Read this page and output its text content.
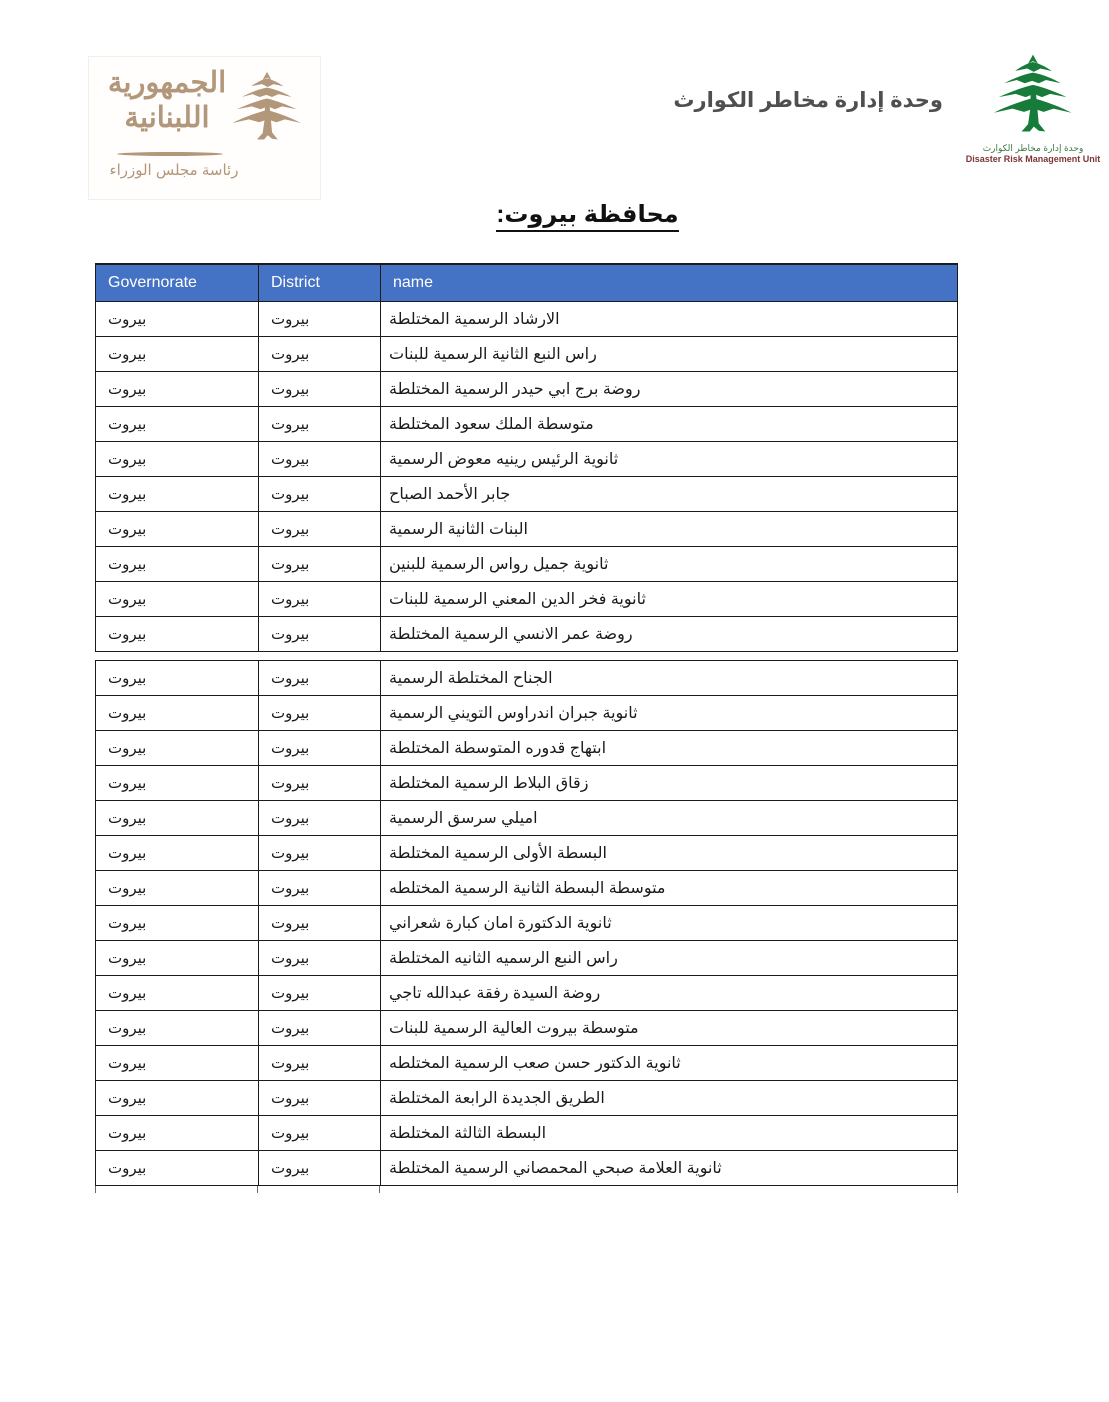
الجمهورية
اللبنانية
رئاسة مجلس الوزراء
وحدة إدارة مخاطر الكوارث
وحدة إدارة مخاطر الكوارث
Disaster Risk Management Unit
محافظة بيروت:
Governorate	District	name
بيروت	بيروت	الارشاد الرسمية المختلطة
بيروت	بيروت	راس النبع الثانية الرسمية للبنات
بيروت	بيروت	روضة برج ابي حيدر الرسمية المختلطة
بيروت	بيروت	متوسطة الملك سعود المختلطة
بيروت	بيروت	ثانوية الرئيس رينيه معوض الرسمية
بيروت	بيروت	جابر الأحمد الصباح
بيروت	بيروت	البنات الثانية الرسمية
بيروت	بيروت	ثانوية جميل رواس الرسمية للبنين
بيروت	بيروت	ثانوية فخر الدين المعني الرسمية للبنات
بيروت	بيروت	روضة عمر الانسي الرسمية المختلطة
بيروت	بيروت	الجناح المختلطة الرسمية
بيروت	بيروت	ثانوية جبران اندراوس التويني الرسمية
بيروت	بيروت	ابتهاج قدوره المتوسطة المختلطة
بيروت	بيروت	زقاق البلاط الرسمية المختلطة
بيروت	بيروت	اميلي سرسق الرسمية
بيروت	بيروت	البسطة الأولى الرسمية المختلطة
بيروت	بيروت	متوسطة البسطة الثانية الرسمية المختلطه
بيروت	بيروت	ثانوية الدكتورة امان كبارة شعراني
بيروت	بيروت	راس النبع الرسميه الثانيه المختلطة
بيروت	بيروت	روضة السيدة رفقة عبدالله تاجي
بيروت	بيروت	متوسطة بيروت العالية الرسمية للبنات
بيروت	بيروت	ثانوية الدكتور حسن صعب الرسمية المختلطه
بيروت	بيروت	الطريق الجديدة الرابعة المختلطة
بيروت	بيروت	البسطة الثالثة المختلطة
بيروت	بيروت	ثانوية العلامة صبحي المحمصاني الرسمية المختلطة
